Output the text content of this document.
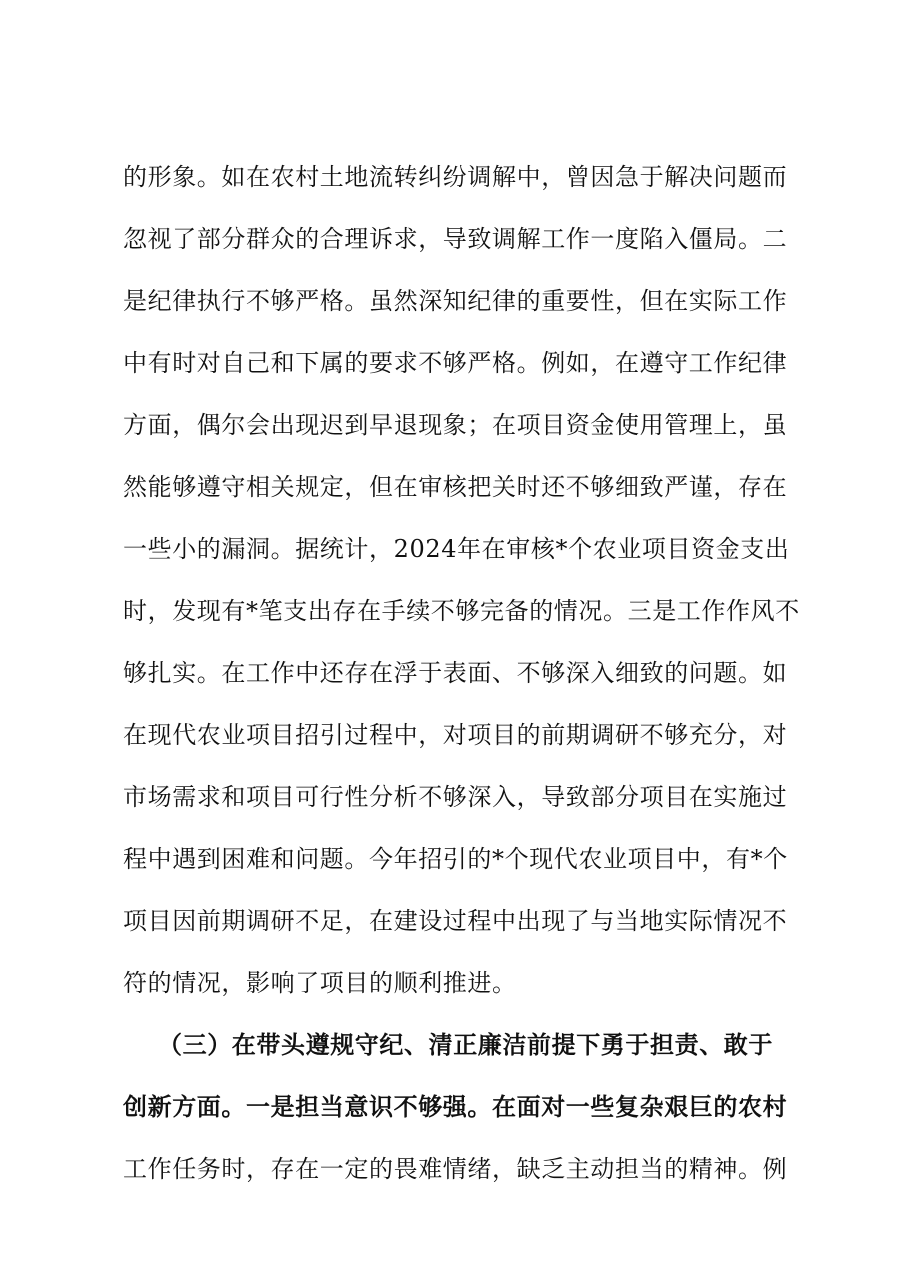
的形象。如在农村土地流转纠纷调解中，曾因急于解决问题而
忽视了部分群众的合理诉求，导致调解工作一度陷入僵局。二
是纪律执行不够严格。虽然深知纪律的重要性，但在实际工作
中有时对自己和下属的要求不够严格。例如，在遵守工作纪律
方面，偶尔会出现迟到早退现象；在项目资金使用管理上，虽
然能够遵守相关规定，但在审核把关时还不够细致严谨，存在
一些小的漏洞。据统计，2024年在审核*个农业项目资金支出
时，发现有*笔支出存在手续不够完备的情况。三是工作作风不
够扎实。在工作中还存在浮于表面、不够深入细致的问题。如
在现代农业项目招引过程中，对项目的前期调研不够充分，对
市场需求和项目可行性分析不够深入，导致部分项目在实施过
程中遇到困难和问题。今年招引的*个现代农业项目中，有*个
项目因前期调研不足，在建设过程中出现了与当地实际情况不
符的情况，影响了项目的顺利推进。
（三）在带头遵规守纪、清正廉洁前提下勇于担责、敢于
创新方面。一是担当意识不够强。在面对一些复杂艰巨的农村
工作任务时，存在一定的畏难情绪，缺乏主动担当的精神。例
